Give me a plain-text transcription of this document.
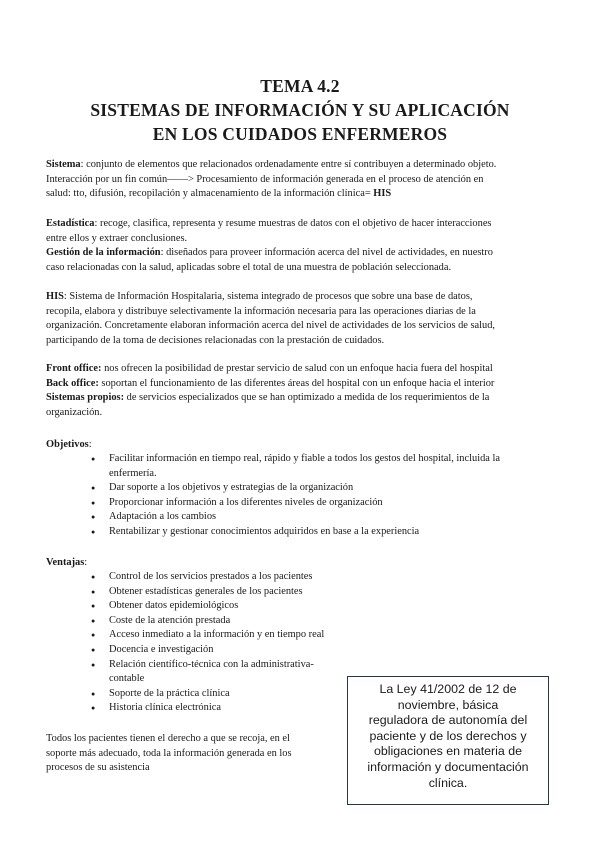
TEMA 4.2
SISTEMAS DE INFORMACIÓN Y SU APLICACIÓN
EN LOS CUIDADOS ENFERMEROS
Sistema: conjunto de elementos que relacionados ordenadamente entre sí contribuyen a determinado objeto.
Interacción por un fin común——> Procesamiento de información generada en el proceso de atención en
salud: tto, difusión, recopilación y almacenamiento de la información clínica= HIS
Estadística: recoge, clasifica, representa y resume muestras de datos con el objetivo de hacer interacciones
entre ellos y extraer conclusiones.
Gestión de la información: diseñados para proveer información acerca del nivel de actividades, en nuestro
caso relacionadas con la salud, aplicadas sobre el total de una muestra de población seleccionada.
HIS: Sistema de Información Hospitalaria, sistema integrado de procesos que sobre una base de datos,
recopila, elabora y distribuye selectivamente la información necesaria para las operaciones diarias de la
organización. Concretamente elaboran información acerca del nivel de actividades de los servicios de salud,
participando de la toma de decisiones relacionadas con la prestación de cuidados.
Front office: nos ofrecen la posibilidad de prestar servicio de salud con un enfoque hacia fuera del hospital
Back office: soportan el funcionamiento de las diferentes áreas del hospital con un enfoque hacia el interior
Sistemas propios: de servicios especializados que se han optimizado a medida de los requerimientos de la
organización.
Objetivos:
● Facilitar información en tiempo real, rápido y fiable a todos los gestos del hospital, incluida la
enfermería.
● Dar soporte a los objetivos y estrategias de la organización
● Proporcionar información a los diferentes niveles de organización
● Adaptación a los cambios
● Rentabilizar y gestionar conocimientos adquiridos en base a la experiencia
Ventajas:
● Control de los servicios prestados a los pacientes
● Obtener estadísticas generales de los pacientes
● Obtener datos epidemiológicos
● Coste de la atención prestada
● Acceso inmediato a la información y en tiempo real
● Docencia e investigación
● Relación científico-técnica con la administrativa-
contable
● Soporte de la práctica clínica
● Historia clínica electrónica
Todos los pacientes tienen el derecho a que se recoja, en el
soporte más adecuado, toda la información generada en los
procesos de su asistencia
La Ley 41/2002 de 12 de
noviembre, básica
reguladora de autonomía del
paciente y de los derechos y
obligaciones en materia de
información y documentación
clínica.
